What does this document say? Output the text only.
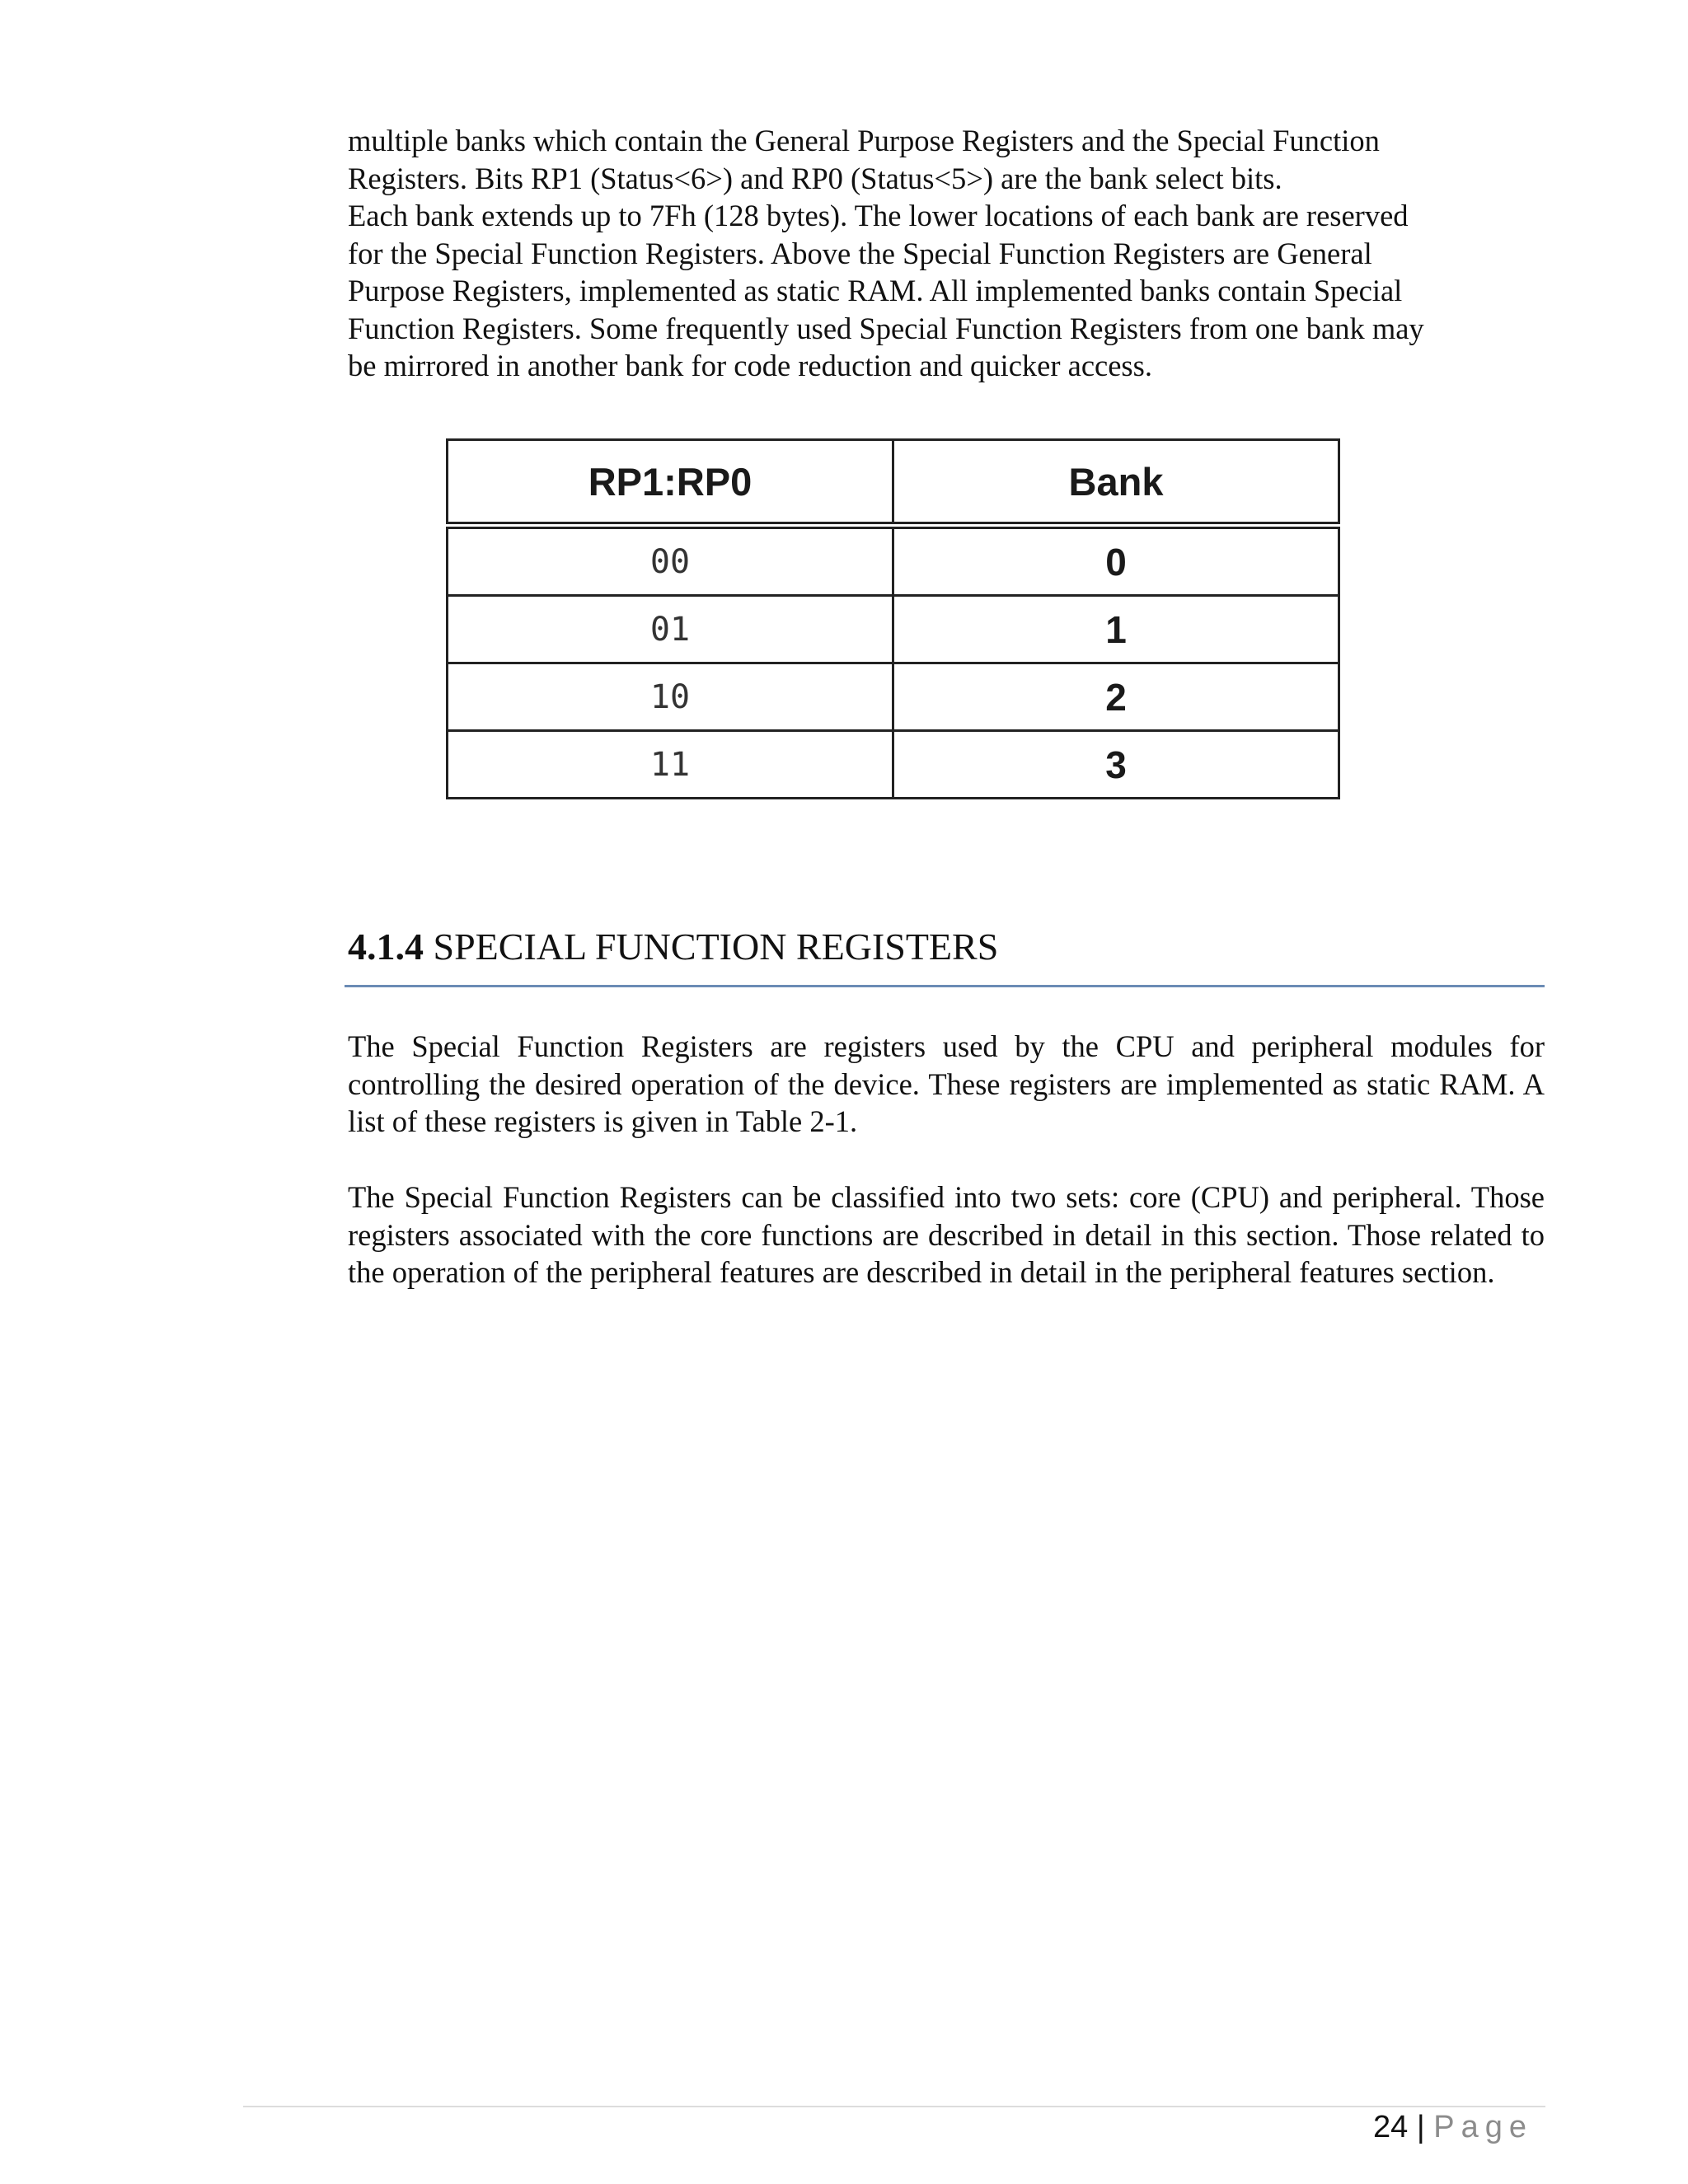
multiple banks which contain the General Purpose Registers and the Special Function
Registers. Bits RP1 (Status<6>) and RP0 (Status<5>) are the bank select bits.
Each bank extends up to 7Fh (128 bytes). The lower locations of each bank are reserved
for the Special Function Registers. Above the Special Function Registers are General
Purpose Registers, implemented as static RAM. All implemented banks contain Special
Function Registers. Some frequently used Special Function Registers from one bank may
be mirrored in another bank for code reduction and quicker access.
RP1:RP0	Bank
00	0
01	1
10	2
11	3
4.1.4 SPECIAL FUNCTION REGISTERS

The Special Function Registers are registers used by the CPU and peripheral modules for controlling the desired operation of the device. These registers are implemented as static RAM. A list of these registers is given in Table 2-1.

The Special Function Registers can be classified into two sets: core (CPU) and peripheral. Those registers associated with the core functions are described in detail in this section. Those related to the operation of the peripheral features are described in detail in the peripheral features section.

24 | Page
